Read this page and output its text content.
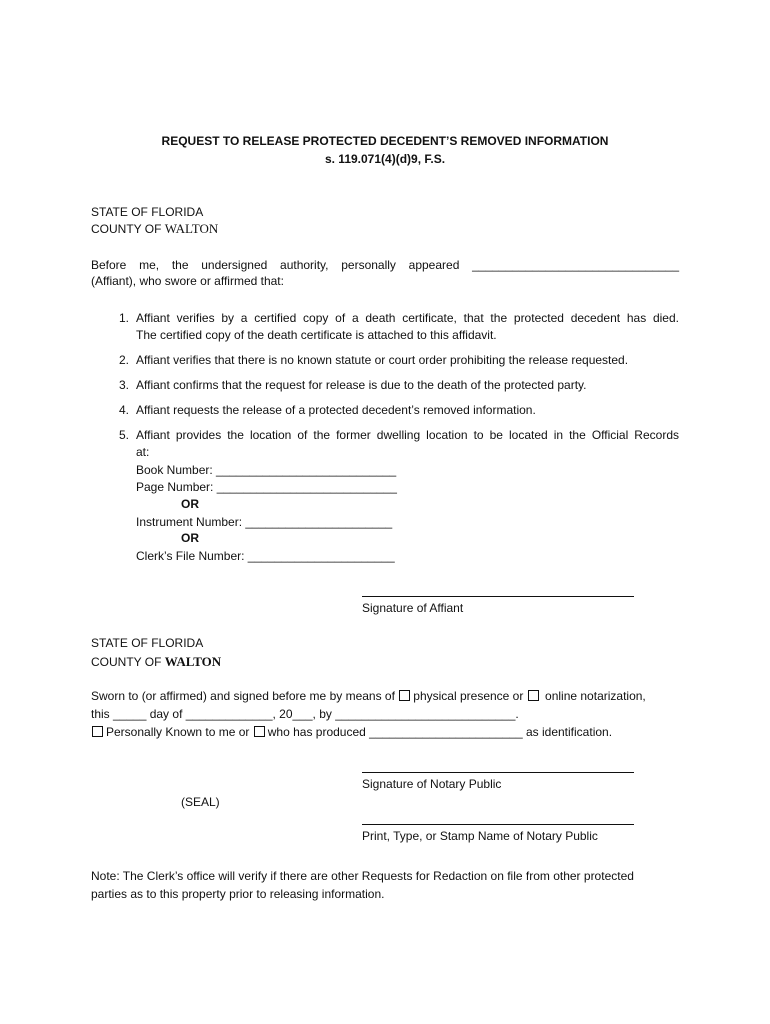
REQUEST TO RELEASE PROTECTED DECEDENT’S REMOVED INFORMATION
s. 119.071(4)(d)9, F.S.
STATE OF FLORIDA
COUNTY OF WALTON
Before me, the undersigned authority, personally appeared _______________________________
(Affiant), who swore or affirmed that:
1. Affiant verifies by a certified copy of a death certificate, that the protected decedent has died.
The certified copy of the death certificate is attached to this affidavit.
2. Affiant verifies that there is no known statute or court order prohibiting the release requested.
3. Affiant confirms that the request for release is due to the death of the protected party.
4. Affiant requests the release of a protected decedent’s removed information.
5. Affiant provides the location of the former dwelling location to be located in the Official Records
at:
Book Number: ___________________________
Page Number: ___________________________
OR
Instrument Number: ______________________
OR
Clerk’s File Number: ______________________
Signature of Affiant
STATE OF FLORIDA
COUNTY OF WALTON
Sworn to (or affirmed) and signed before me by means of physical presence or  online notarization,
this _____ day of _____________, 20___, by ___________________________.
Personally Known to me or who has produced _______________________ as identification.
Signature of Notary Public
(SEAL)
Print, Type, or Stamp Name of Notary Public
Note: The Clerk’s office will verify if there are other Requests for Redaction on file from other protected
parties as to this property prior to releasing information.
